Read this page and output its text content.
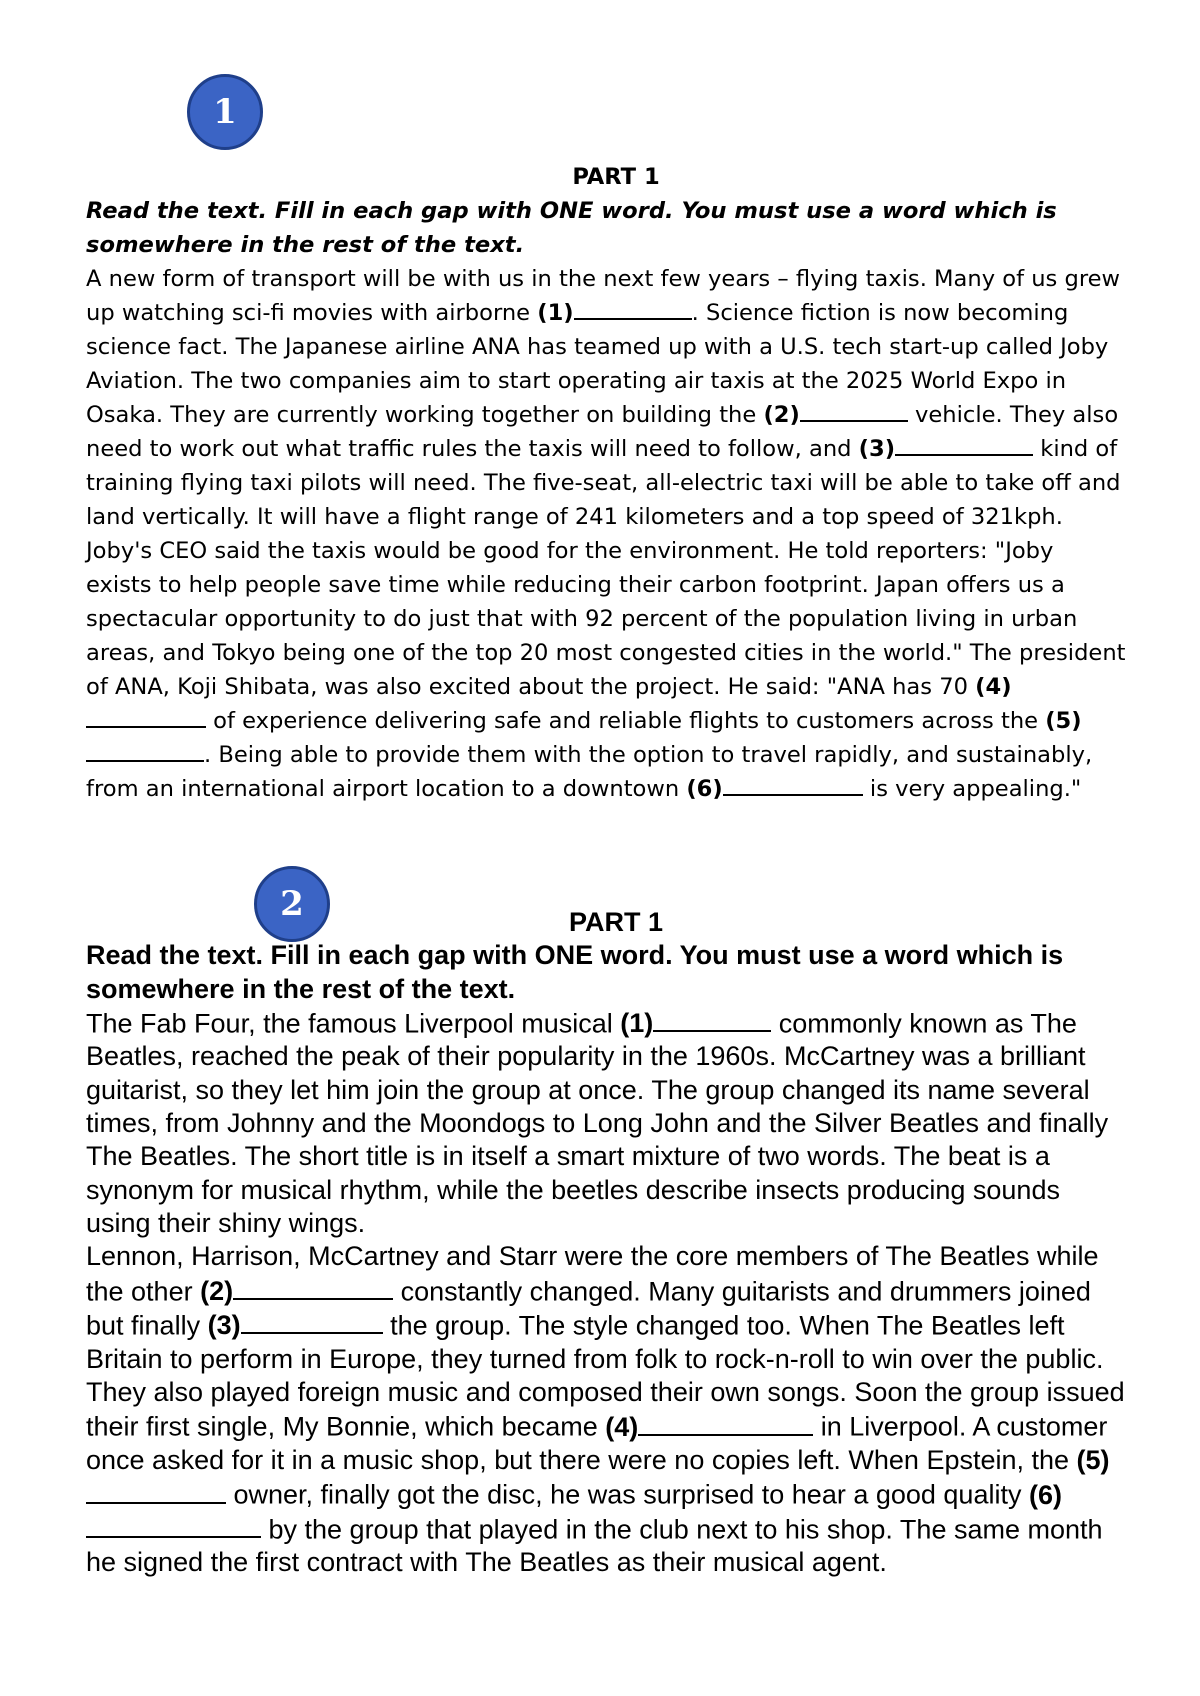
1
2

PART 1

Read the text. Fill in each gap with ONE word. You must use a word which is somewhere in the rest of the text.

A new form of transport will be with us in the next few years – flying taxis. Many of us grew up watching sci-fi movies with airborne (1)	. Science fiction is now becoming science fact. The Japanese airline ANA has teamed up with a U.S. tech start-up called Joby Aviation. The two companies aim to start operating air taxis at the 2025 World Expo in Osaka. They are currently working together on building the (2)	vehicle. They also need to work out what traffic rules the taxis will need to follow, and (3)	kind of training flying taxi pilots will need. The five-seat, all-electric taxi will be able to take off and land vertically. It will have a flight range of 241 kilometers and a top speed of 321kph.

Joby's CEO said the taxis would be good for the environment. He told reporters: "Joby exists to help people save time while reducing their carbon footprint. Japan offers us a spectacular opportunity to do just that with 92 percent of the population living in urban areas, and Tokyo being one of the top 20 most congested cities in the world." The president of ANA, Koji Shibata, was also excited about the project. He said: "ANA has 70 (4) of experience delivering safe and reliable flights to customers across the (5). Being able to provide them with the option to travel rapidly, and sustainably, from an international airport location to a downtown (6)	is very appealing."

PART 1

Read the text. Fill in each gap with ONE word. You must use a word which is somewhere in the rest of the text.

The Fab Four, the famous Liverpool musical (1)	commonly known as The Beatles, reached the peak of their popularity in the 1960s. McCartney was a brilliant guitarist, so they let him join the group at once. The group changed its name several times, from Johnny and the Moondogs to Long John and the Silver Beatles and finally The Beatles. The short title is in itself a smart mixture of two words. The beat is a synonym for musical rhythm, while the beetles describe insects producing sounds using their shiny wings.

Lennon, Harrison, McCartney and Starr were the core members of The Beatles while the other (2)	constantly changed. Many guitarists and drummers joined but finally (3)	the group. The style changed too. When The Beatles left Britain to perform in Europe, they turned from folk to rock-n-roll to win over the public. They also played foreign music and composed their own songs. Soon the group issued their first single, My Bonnie, which became (4)	in Liverpool. A customer once asked for it in a music shop, but there were no copies left. When Epstein, the (5) owner, finally got the disc, he was surprised to hear a good quality (6) by the group that played in the club next to his shop. The same month he signed the first contract with The Beatles as their musical agent.
